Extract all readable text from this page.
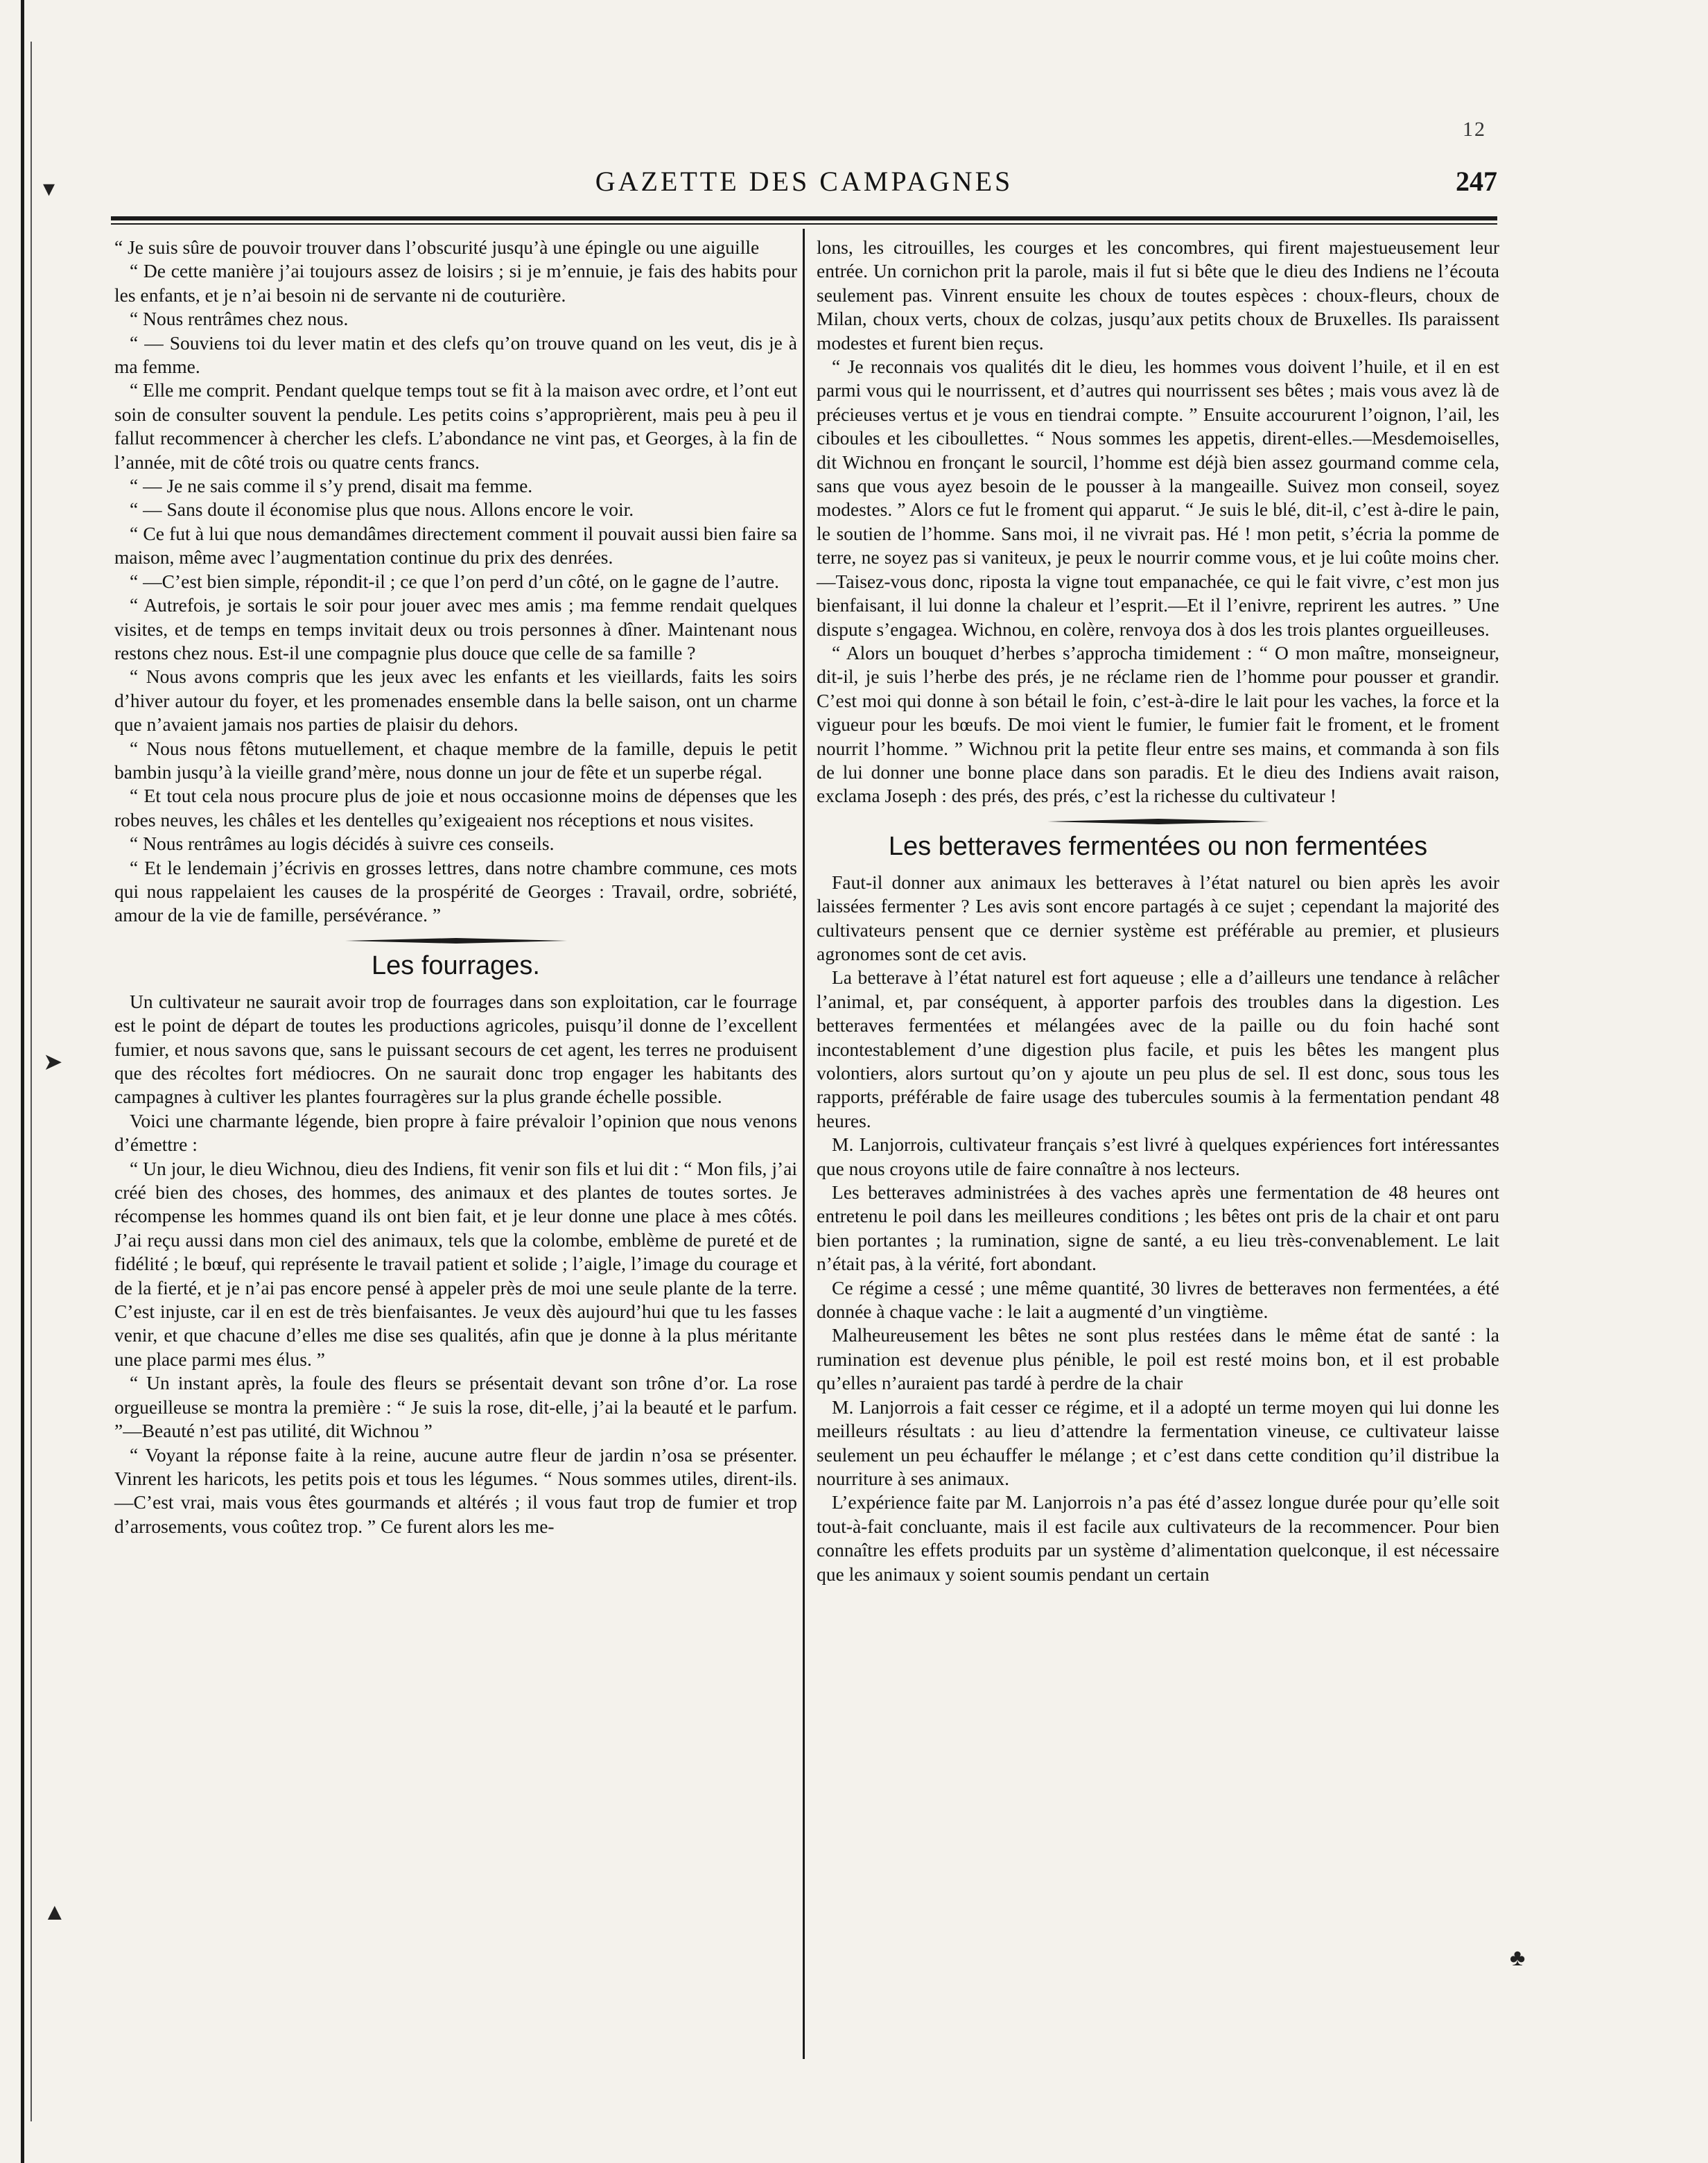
12
▾
➤
▲
♣
GAZETTE DES CAMPAGNES	247

“ Je suis sûre de pouvoir trouver dans l’obscurité jusqu’à une épingle ou une aiguille

“ De cette manière j’ai toujours assez de loisirs ; si je m’ennuie, je fais des habits pour les enfants, et je n’ai besoin ni de servante ni de couturière.

“ Nous rentrâmes chez nous.

“ — Souviens toi du lever matin et des clefs qu’on trouve quand on les veut, dis je à ma femme.

“ Elle me comprit. Pendant quelque temps tout se fit à la maison avec ordre, et l’ont eut soin de consulter souvent la pendule. Les petits coins s’approprièrent, mais peu à peu il fallut recommencer à chercher les clefs. L’abondance ne vint pas, et Georges, à la fin de l’année, mit de côté trois ou quatre cents francs.

“ — Je ne sais comme il s’y prend, disait ma femme.

“ — Sans doute il économise plus que nous. Allons encore le voir.

“ Ce fut à lui que nous demandâmes directement comment il pouvait aussi bien faire sa maison, même avec l’augmentation continue du prix des denrées.

“ —C’est bien simple, répondit-il ; ce que l’on perd d’un côté, on le gagne de l’autre.

“ Autrefois, je sortais le soir pour jouer avec mes amis ; ma femme rendait quelques visites, et de temps en temps invitait deux ou trois personnes à dîner. Maintenant nous restons chez nous. Est-il une compagnie plus douce que celle de sa famille ?

“ Nous avons compris que les jeux avec les enfants et les vieillards, faits les soirs d’hiver autour du foyer, et les promenades ensemble dans la belle saison, ont un charme que n’avaient jamais nos parties de plaisir du dehors.

“ Nous nous fêtons mutuellement, et chaque membre de la famille, depuis le petit bambin jusqu’à la vieille grand’mère, nous donne un jour de fête et un superbe régal.

“ Et tout cela nous procure plus de joie et nous occasionne moins de dépenses que les robes neuves, les châles et les dentelles qu’exigeaient nos réceptions et nous visites.

“ Nous rentrâmes au logis décidés à suivre ces conseils.

“ Et le lendemain j’écrivis en grosses lettres, dans notre chambre commune, ces mots qui nous rappelaient les causes de la prospérité de Georges : Travail, ordre, sobriété, amour de la vie de famille, persévérance. ”

Les fourrages.

Un cultivateur ne saurait avoir trop de fourrages dans son exploitation, car le fourrage est le point de départ de toutes les productions agricoles, puisqu’il donne de l’excellent fumier, et nous savons que, sans le puissant secours de cet agent, les terres ne produisent que des récoltes fort médiocres. On ne saurait donc trop engager les habitants des campagnes à cultiver les plantes fourragères sur la plus grande échelle possible.

Voici une charmante légende, bien propre à faire prévaloir l’opinion que nous venons d’émettre :

“ Un jour, le dieu Wichnou, dieu des Indiens, fit venir son fils et lui dit : “ Mon fils, j’ai créé bien des choses, des hommes, des animaux et des plantes de toutes sortes. Je récompense les hommes quand ils ont bien fait, et je leur donne une place à mes côtés. J’ai reçu aussi dans mon ciel des animaux, tels que la colombe, emblème de pureté et de fidélité ; le bœuf, qui représente le travail patient et solide ; l’aigle, l’image du courage et de la fierté, et je n’ai pas encore pensé à appeler près de moi une seule plante de la terre. C’est injuste, car il en est de très bienfaisantes. Je veux dès aujourd’hui que tu les fasses venir, et que chacune d’elles me dise ses qualités, afin que je donne à la plus méritante une place parmi mes élus. ”

“ Un instant après, la foule des fleurs se présentait devant son trône d’or. La rose orgueilleuse se montra la première : “ Je suis la rose, dit-elle, j’ai la beauté et le parfum. ”—Beauté n’est pas utilité, dit Wichnou ”

“ Voyant la réponse faite à la reine, aucune autre fleur de jardin n’osa se présenter. Vinrent les haricots, les petits pois et tous les légumes. “ Nous sommes utiles, dirent-ils.—C’est vrai, mais vous êtes gourmands et altérés ; il vous faut trop de fumier et trop d’arrosements, vous coûtez trop. ” Ce furent alors les me-

lons, les citrouilles, les courges et les concombres, qui firent majestueusement leur entrée. Un cornichon prit la parole, mais il fut si bête que le dieu des Indiens ne l’écouta seulement pas. Vinrent ensuite les choux de toutes espèces : choux-fleurs, choux de Milan, choux verts, choux de colzas, jusqu’aux petits choux de Bruxelles. Ils paraissent modestes et furent bien reçus.

“ Je reconnais vos qualités dit le dieu, les hommes vous doivent l’huile, et il en est parmi vous qui le nourrissent, et d’autres qui nourrissent ses bêtes ; mais vous avez là de précieuses vertus et je vous en tiendrai compte. ” Ensuite accoururent l’oignon, l’ail, les ciboules et les ciboullettes. “ Nous sommes les appetis, dirent-elles.—Mesdemoiselles, dit Wichnou en fronçant le sourcil, l’homme est déjà bien assez gourmand comme cela, sans que vous ayez besoin de le pousser à la mangeaille. Suivez mon conseil, soyez modestes. ” Alors ce fut le froment qui apparut. “ Je suis le blé, dit-il, c’est à-dire le pain, le soutien de l’homme. Sans moi, il ne vivrait pas. Hé ! mon petit, s’écria la pomme de terre, ne soyez pas si vaniteux, je peux le nourrir comme vous, et je lui coûte moins cher.—Taisez-vous donc, riposta la vigne tout empanachée, ce qui le fait vivre, c’est mon jus bienfaisant, il lui donne la chaleur et l’esprit.—Et il l’enivre, reprirent les autres. ” Une dispute s’engagea. Wichnou, en colère, renvoya dos à dos les trois plantes orgueilleuses.

“ Alors un bouquet d’herbes s’approcha timidement : “ O mon maître, monseigneur, dit-il, je suis l’herbe des prés, je ne réclame rien de l’homme pour pousser et grandir. C’est moi qui donne à son bétail le foin, c’est-à-dire le lait pour les vaches, la force et la vigueur pour les bœufs. De moi vient le fumier, le fumier fait le froment, et le froment nourrit l’homme. ” Wichnou prit la petite fleur entre ses mains, et commanda à son fils de lui donner une bonne place dans son paradis. Et le dieu des Indiens avait raison, exclama Joseph : des prés, des prés, c’est la richesse du cultivateur !

Les betteraves fermentées ou non fermentées

Faut-il donner aux animaux les betteraves à l’état naturel ou bien après les avoir laissées fermenter ? Les avis sont encore partagés à ce sujet ; cependant la majorité des cultivateurs pensent que ce dernier système est préférable au premier, et plusieurs agronomes sont de cet avis.

La betterave à l’état naturel est fort aqueuse ; elle a d’ailleurs une tendance à relâcher l’animal, et, par conséquent, à apporter parfois des troubles dans la digestion. Les betteraves fermentées et mélangées avec de la paille ou du foin haché sont incontestablement d’une digestion plus facile, et puis les bêtes les mangent plus volontiers, alors surtout qu’on y ajoute un peu plus de sel. Il est donc, sous tous les rapports, préférable de faire usage des tubercules soumis à la fermentation pendant 48 heures.

M. Lanjorrois, cultivateur français s’est livré à quelques expériences fort intéressantes que nous croyons utile de faire connaître à nos lecteurs.

Les betteraves administrées à des vaches après une fermentation de 48 heures ont entretenu le poil dans les meilleures conditions ; les bêtes ont pris de la chair et ont paru bien portantes ; la rumination, signe de santé, a eu lieu très-convenablement. Le lait n’était pas, à la vérité, fort abondant.

Ce régime a cessé ; une même quantité, 30 livres de betteraves non fermentées, a été donnée à chaque vache : le lait a augmenté d’un vingtième.

Malheureusement les bêtes ne sont plus restées dans le même état de santé : la rumination est devenue plus pénible, le poil est resté moins bon, et il est probable qu’elles n’auraient pas tardé à perdre de la chair

M. Lanjorrois a fait cesser ce régime, et il a adopté un terme moyen qui lui donne les meilleurs résultats : au lieu d’attendre la fermentation vineuse, ce cultivateur laisse seulement un peu échauffer le mélange ; et c’est dans cette condition qu’il distribue la nourriture à ses animaux.

L’expérience faite par M. Lanjorrois n’a pas été d’assez longue durée pour qu’elle soit tout-à-fait concluante, mais il est facile aux cultivateurs de la recommencer. Pour bien connaître les effets produits par un système d’alimentation quelconque, il est nécessaire que les animaux y soient soumis pendant un certain
